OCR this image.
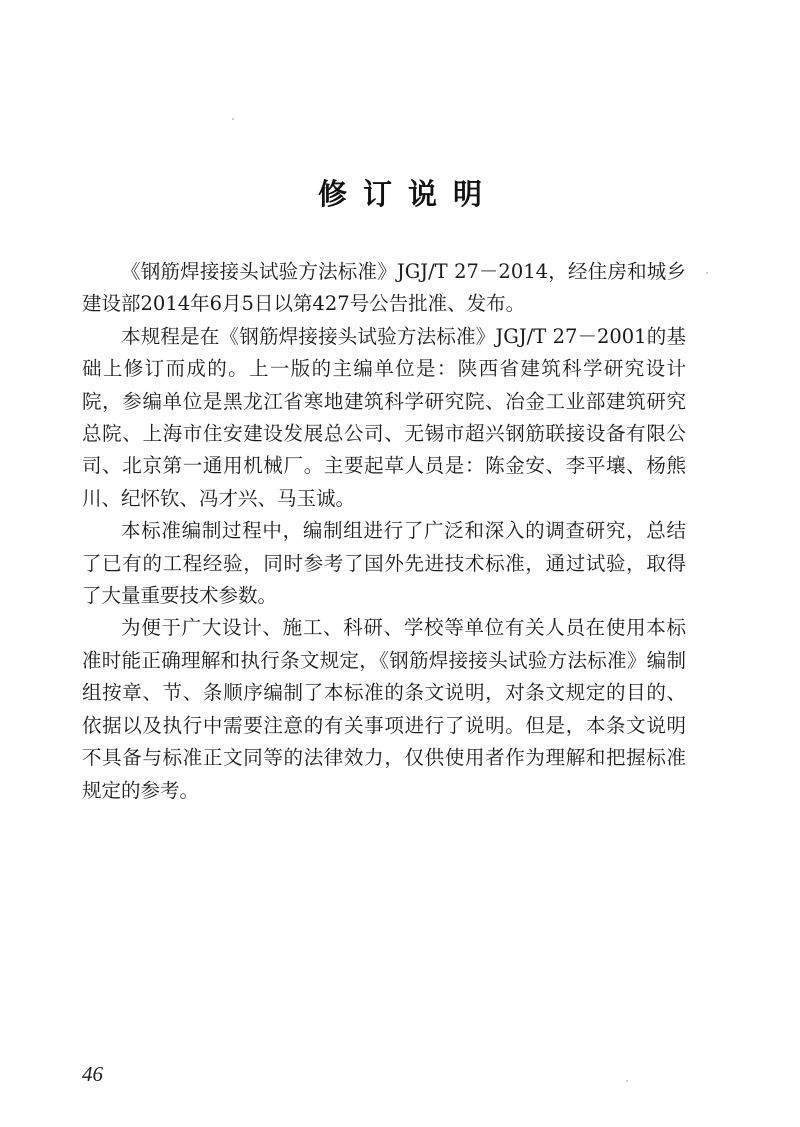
修订说明

《钢筋焊接接头试验方法标准》JGJ/T 27－2014，经住房和城乡建设部2014年6月5日以第427号公告批准、发布。

本规程是在《钢筋焊接接头试验方法标准》JGJ/T 27－2001的基础上修订而成的。上一版的主编单位是：陕西省建筑科学研究设计院，参编单位是黑龙江省寒地建筑科学研究院、冶金工业部建筑研究总院、上海市住安建设发展总公司、无锡市超兴钢筋联接设备有限公司、北京第一通用机械厂。主要起草人员是：陈金安、李平壤、杨熊川、纪怀钦、冯才兴、马玉诚。

本标准编制过程中，编制组进行了广泛和深入的调查研究，总结了已有的工程经验，同时参考了国外先进技术标准，通过试验，取得了大量重要技术参数。

为便于广大设计、施工、科研、学校等单位有关人员在使用本标准时能正确理解和执行条文规定，《钢筋焊接接头试验方法标准》编制组按章、节、条顺序编制了本标准的条文说明，对条文规定的目的、依据以及执行中需要注意的有关事项进行了说明。但是，本条文说明不具备与标准正文同等的法律效力，仅供使用者作为理解和把握标准规定的参考。

46
